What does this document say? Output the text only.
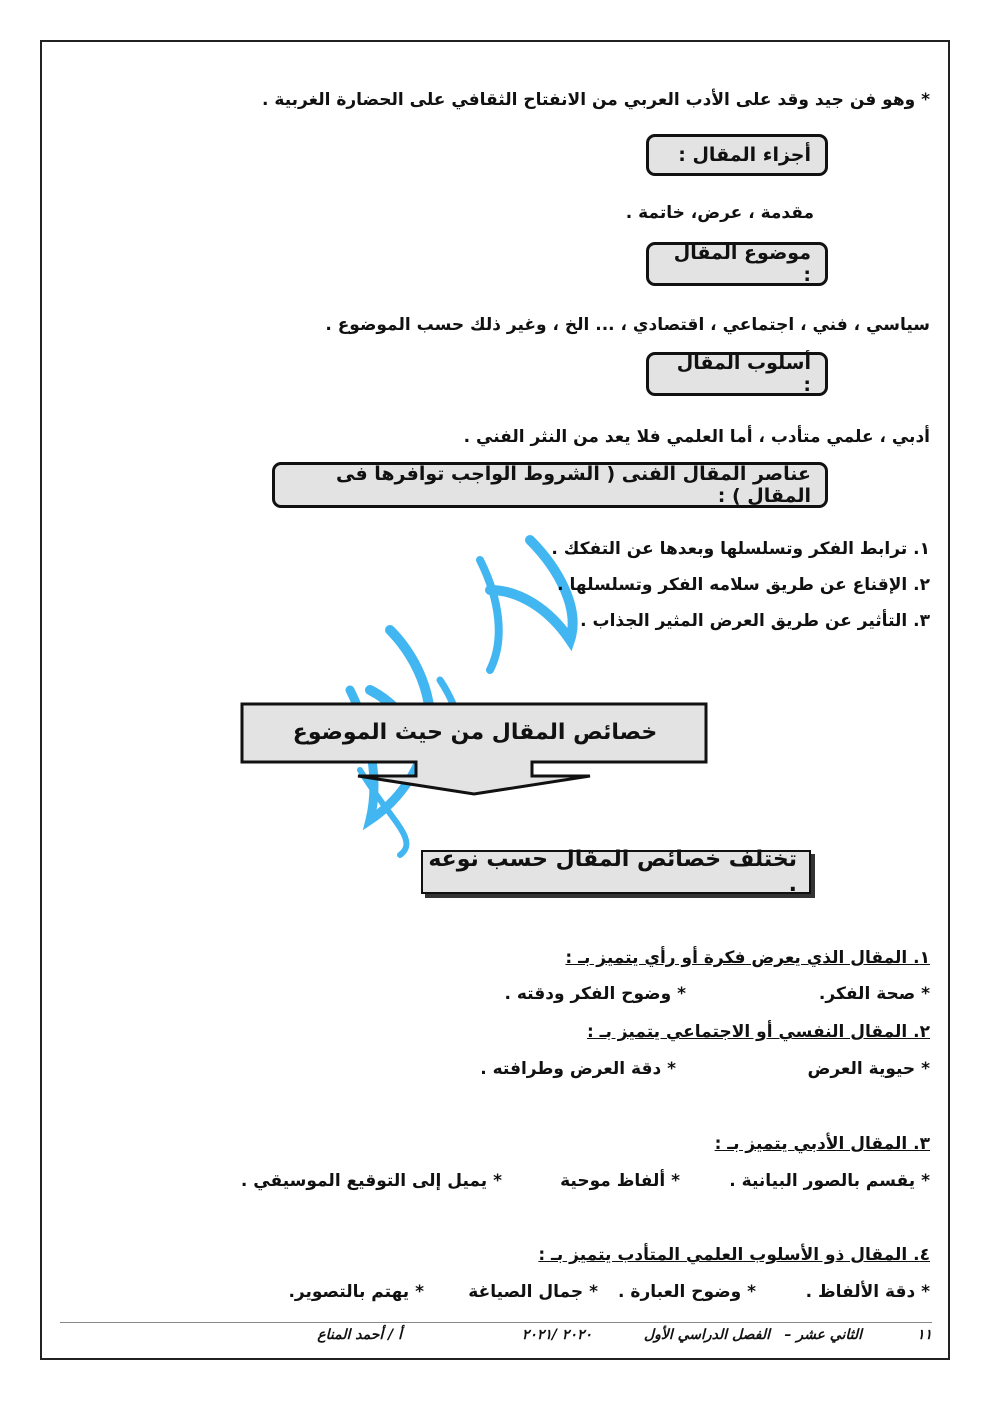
* وهو فن جيد وقد على الأدب العربي من الانفتاح الثقافي على الحضارة الغربية .
أجزاء المقال :
مقدمة ، عرض، خاتمة .
موضوع المقال :
سياسي ، فني ، اجتماعي ، اقتصادي ، ... الخ ، وغير ذلك حسب الموضوع .
أسلوب المقال :
أدبي ، علمي متأدب ، أما العلمي فلا يعد من النثر الفني .
عناصر المقال الفنى ( الشروط الواجب توافرها فى المقال ) :
١. ترابط الفكر وتسلسلها وبعدها عن التفكك .
٢. الإقناع عن طريق سلامه الفكر وتسلسلها .
٣. التأثير عن طريق العرض المثير الجذاب .
خصائص المقال من حيث الموضوع
تختلف خصائص المقال حسب نوعه .
١. المقال الذي يعرض فكرة أو رأي يتميز بـ :
* صحة الفكر.
* وضوح الفكر ودقته .
٢. المقال النفسي أو الاجتماعي يتميز بـ :
* حيوية العرض
* دقة العرض وطرافته .
٣. المقال الأدبي يتميز بـ :
* يقسم بالصور البيانية .
* ألفاظ موحية
* يميل إلى التوقيع الموسيقي .
٤. المقال ذو الأسلوب العلمي المتأدب يتميز بـ :
* دقة الألفاظ .
* وضوح العبارة .
* جمال الصياغة
* يهتم بالتصوير.
١١
الثاني عشر –
الفصل الدراسي الأول
٢٠٢٠ /٢٠٢١
أ / أحمد المناع
